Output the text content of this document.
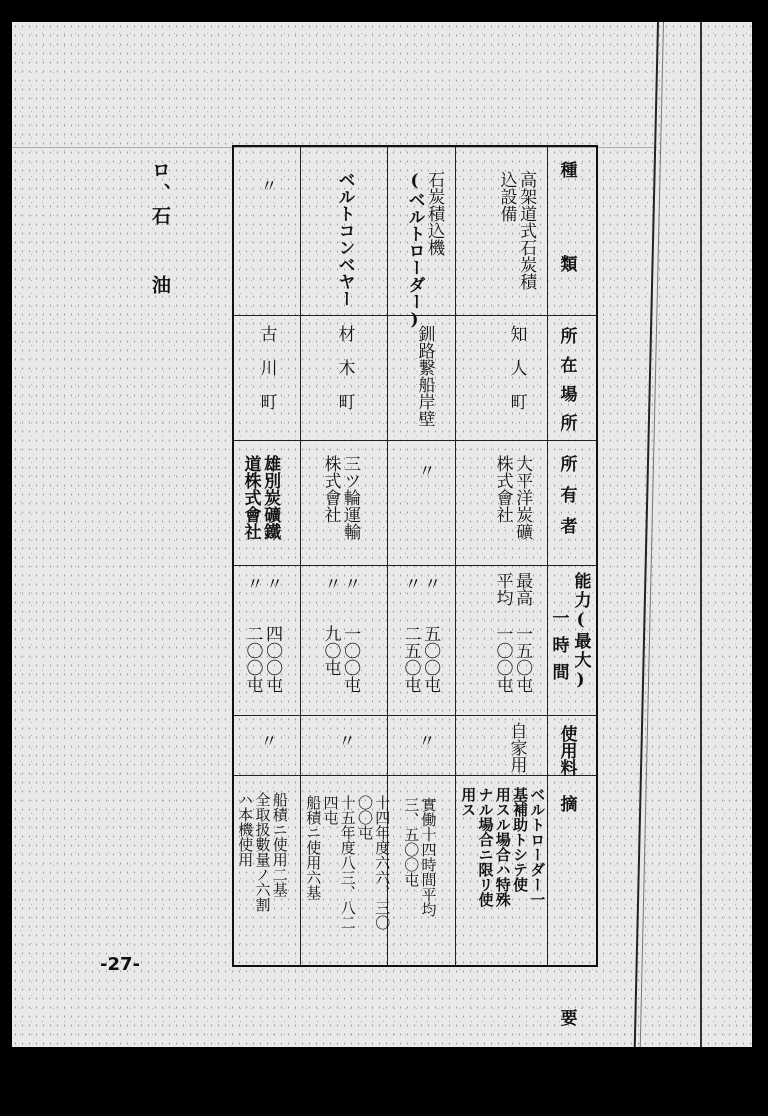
ロ、石　　油
-27-
種　類
所在場所
所有者
能力(最大)
一時間
使用料
摘　要
高架道式石炭積
込設備
知　人　町
大平洋炭礦
株式會社
最高
平均
一五〇屯
一〇〇屯
自家用
ベルトローダー一
基補助トシテ使
用スル場合ハ特殊
ナル場合ニ限リ使
用ス
石炭積込機
(ベルトローダー)
釧路繋船岸壁
〃
〃
〃
五〇〇屯
二五〇屯
〃
實働十四時間平均
三、五〇〇屯
ベルトコンベヤー
材　木　町
三ツ輪運輸
株式會社
〃
〃
一〇〇屯
九〇屯
〃
十四年度六六、三〇
〇〇屯
十五年度八三、八二
四屯
船積ニ使用六基
〃
古　川　町
雄別炭礦鐵
道株式會社
〃
〃
四〇〇屯
二〇〇屯
〃
船積ニ使用二基
全取扱數量ノ六割
ハ本機使用
